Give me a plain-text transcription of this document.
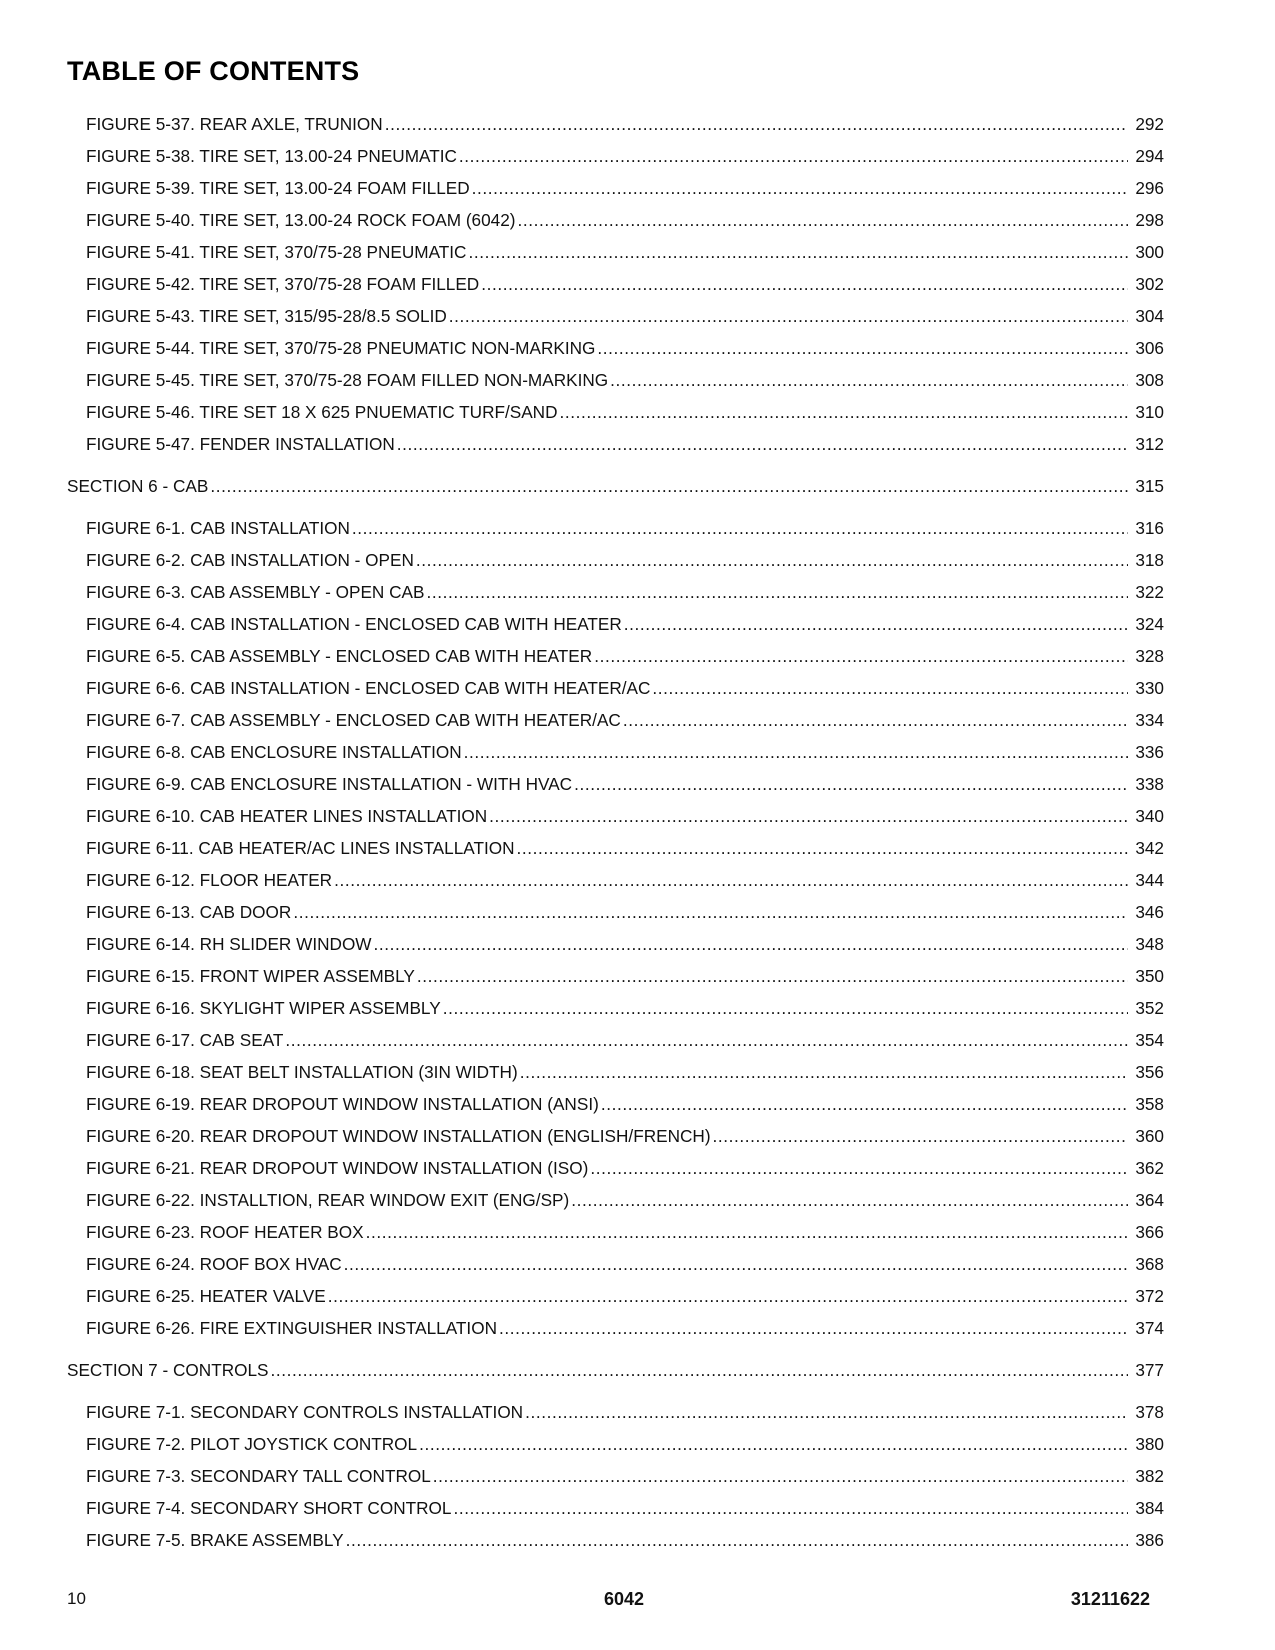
TABLE OF CONTENTS
FIGURE 5-37. REAR AXLE, TRUNION .....	292
FIGURE 5-38. TIRE SET, 13.00-24 PNEUMATIC .....	294
FIGURE 5-39. TIRE SET, 13.00-24 FOAM FILLED .....	296
FIGURE 5-40. TIRE SET, 13.00-24 ROCK FOAM (6042) .....	298
FIGURE 5-41. TIRE SET, 370/75-28 PNEUMATIC .....	300
FIGURE 5-42. TIRE SET, 370/75-28 FOAM FILLED .....	302
FIGURE 5-43. TIRE SET, 315/95-28/8.5 SOLID .....	304
FIGURE 5-44. TIRE SET, 370/75-28 PNEUMATIC NON-MARKING .....	306
FIGURE 5-45. TIRE SET, 370/75-28 FOAM FILLED NON-MARKING .....	308
FIGURE 5-46. TIRE SET 18 X 625 PNUEMATIC TURF/SAND .....	310
FIGURE 5-47. FENDER INSTALLATION .....	312
SECTION 6 - CAB .....	315
FIGURE 6-1. CAB INSTALLATION .....	316
FIGURE 6-2. CAB INSTALLATION - OPEN .....	318
FIGURE 6-3. CAB ASSEMBLY - OPEN CAB .....	322
FIGURE 6-4. CAB INSTALLATION - ENCLOSED CAB WITH HEATER .....	324
FIGURE 6-5. CAB ASSEMBLY - ENCLOSED CAB WITH HEATER .....	328
FIGURE 6-6. CAB INSTALLATION - ENCLOSED CAB WITH HEATER/AC .....	330
FIGURE 6-7. CAB ASSEMBLY - ENCLOSED CAB WITH HEATER/AC .....	334
FIGURE 6-8. CAB ENCLOSURE INSTALLATION .....	336
FIGURE 6-9. CAB ENCLOSURE INSTALLATION - WITH HVAC .....	338
FIGURE 6-10. CAB HEATER LINES INSTALLATION .....	340
FIGURE 6-11. CAB HEATER/AC LINES INSTALLATION .....	342
FIGURE 6-12. FLOOR HEATER .....	344
FIGURE 6-13. CAB DOOR .....	346
FIGURE 6-14. RH SLIDER WINDOW .....	348
FIGURE 6-15. FRONT WIPER ASSEMBLY .....	350
FIGURE 6-16. SKYLIGHT WIPER ASSEMBLY .....	352
FIGURE 6-17. CAB SEAT .....	354
FIGURE 6-18. SEAT BELT INSTALLATION (3IN WIDTH) .....	356
FIGURE 6-19. REAR DROPOUT WINDOW INSTALLATION (ANSI) .....	358
FIGURE 6-20. REAR DROPOUT WINDOW INSTALLATION (ENGLISH/FRENCH) .....	360
FIGURE 6-21. REAR DROPOUT WINDOW INSTALLATION (ISO) .....	362
FIGURE 6-22. INSTALLTION, REAR WINDOW EXIT (ENG/SP) .....	364
FIGURE 6-23. ROOF HEATER BOX .....	366
FIGURE 6-24. ROOF BOX HVAC .....	368
FIGURE 6-25. HEATER VALVE .....	372
FIGURE 6-26. FIRE EXTINGUISHER INSTALLATION .....	374
SECTION 7 - CONTROLS .....	377
FIGURE 7-1. SECONDARY CONTROLS INSTALLATION .....	378
FIGURE 7-2. PILOT JOYSTICK CONTROL .....	380
FIGURE 7-3. SECONDARY TALL CONTROL .....	382
FIGURE 7-4. SECONDARY SHORT CONTROL .....	384
FIGURE 7-5. BRAKE ASSEMBLY .....	386
10	6042	31211622
